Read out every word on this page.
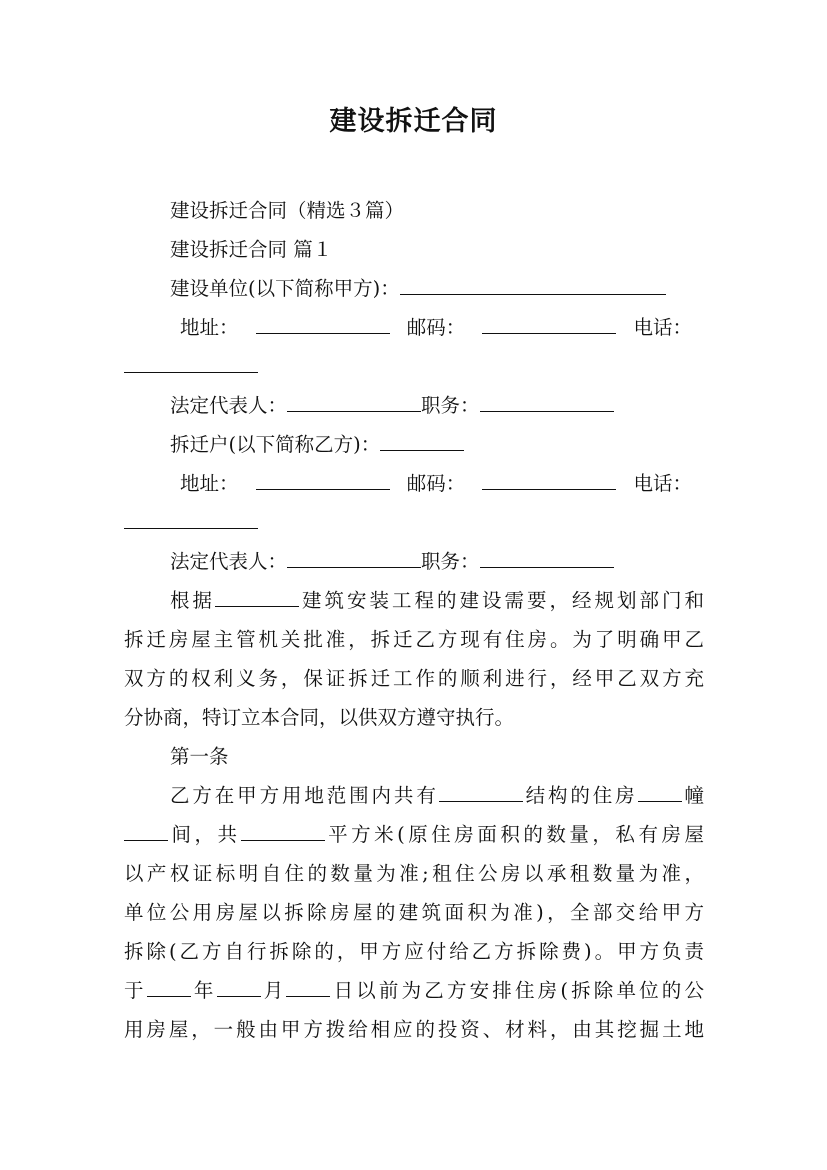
建设拆迁合同
建设拆迁合同（精选３篇）
建设拆迁合同 篇１
建设单位(以下简称甲方)：
地址：	邮码：	电话：
法定代表人：	职务：
拆迁户(以下简称乙方)：
地址：	邮码：	电话：
法定代表人：	职务：
根据	建筑安装工程的建设需要，经规划部门和
拆迁房屋主管机关批准，拆迁乙方现有住房。为了明确甲乙
双方的权利义务，保证拆迁工作的顺利进行，经甲乙双方充
分协商，特订立本合同，以供双方遵守执行。
第一条
乙方在甲方用地范围内共有	结构的住房 幢
间，共	平方米(原住房面积的数量，私有房屋
以产权证标明自住的数量为准;租住公房以承租数量为准，
单位公用房屋以拆除房屋的建筑面积为准)，全部交给甲方
拆除(乙方自行拆除的，甲方应付给乙方拆除费)。甲方负责
于 年 月 日以前为乙方安排住房(拆除单位的公
用房屋，一般由甲方拨给相应的投资、材料，由其挖掘土地
